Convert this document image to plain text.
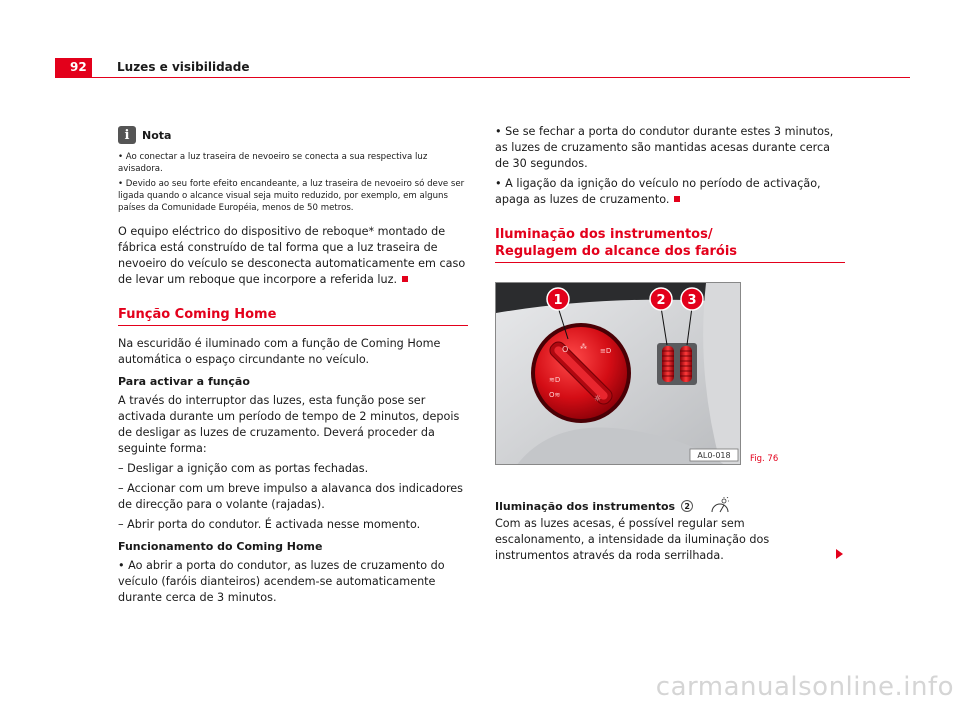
92	Luzes e visibilidade
i Nota

• Ao conectar a luz traseira de nevoeiro se conecta a sua respectiva luz avisadora.

• Devido ao seu forte efeito encandeante, a luz traseira de nevoeiro só deve ser ligada quando o alcance visual seja muito reduzido, por exemplo, em alguns países da Comunidade Européia, menos de 50 metros.

O equipo eléctrico do dispositivo de reboque* montado de fábrica está construído de tal forma que a luz traseira de nevoeiro do veículo se desconecta automaticamente em caso de levar um reboque que incorpore a referida luz.

Função Coming Home

Na escuridão é iluminado com a função de Coming Home automática o espaço circundante no veículo.

Para activar a função

A través do interruptor das luzes, esta função pose ser activada durante um período de tempo de 2 minutos, depois de desligar as luzes de cruzamento. Deverá proceder da seguinte forma:

– Desligar a ignição com as portas fechadas.

– Accionar com um breve impulso a alavanca dos indicadores de direcção para o volante (rajadas).

– Abrir porta do condutor. É activada nesse momento.

Funcionamento do Coming Home

• Ao abrir a porta do condutor, as luzes de cruzamento do veículo (faróis dianteiros) acendem-se automaticamente durante cerca de 3 minutos.

• Se se fechar a porta do condutor durante estes 3 minutos, as luzes de cruzamento são mantidas acesas durante cerca de 30 segundos.

• A ligação da ignição do veículo no período de activação, apaga as luzes de cruzamento.

Iluminação dos instrumentos/
Regulagem do alcance dos faróis
O ⁂ ≡D
≋D
O≋	☼
1	2 3
AL0-018 Fig. 76
Iluminação dos instrumentos	2

Com as luzes acesas, é possível regular sem escalonamento, a intensidade da iluminação dos instrumentos através da roda serrilhada.

carmanualsonline.info
